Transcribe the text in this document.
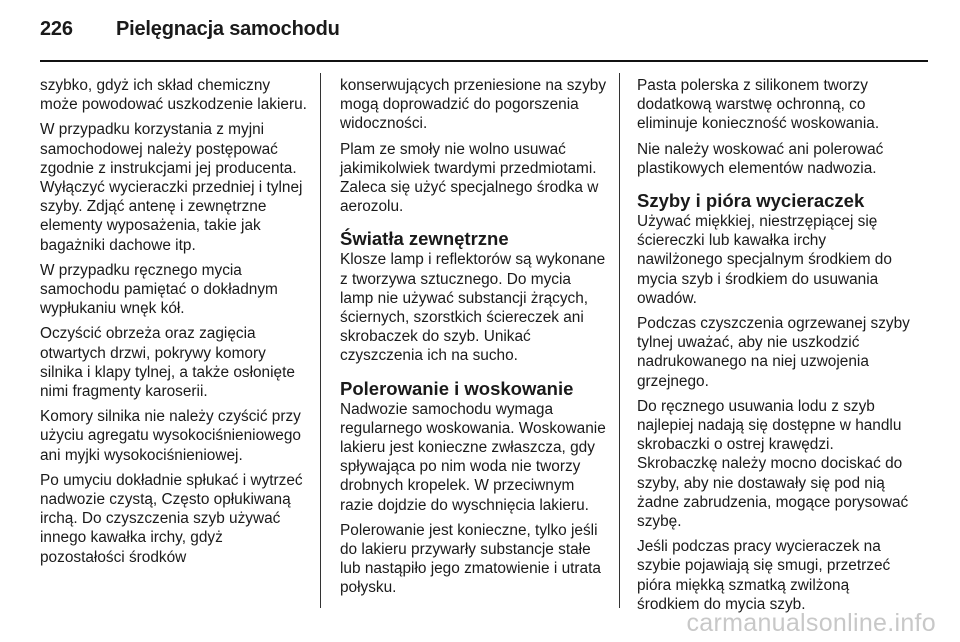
226 Pielęgnacja samochodu

szybko, gdyż ich skład chemiczny może powodować uszkodzenie lakieru.

W przypadku korzystania z myjni samochodowej należy postępować zgodnie z instrukcjami jej producenta. Wyłączyć wycieraczki przedniej i tylnej szyby. Zdjąć antenę i zewnętrzne elementy wyposażenia, takie jak bagażniki dachowe itp.

W przypadku ręcznego mycia samochodu pamiętać o dokładnym wypłukaniu wnęk kół.

Oczyścić obrzeża oraz zagięcia otwartych drzwi, pokrywy komory silnika i klapy tylnej, a także osłonięte nimi fragmenty karoserii.

Komory silnika nie należy czyścić przy użyciu agregatu wysokociśnieniowego ani myjki wysokociśnieniowej.

Po umyciu dokładnie spłukać i wytrzeć nadwozie czystą, Często opłukiwaną irchą. Do czyszczenia szyb używać innego kawałka irchy, gdyż pozostałości środków

konserwujących przeniesione na szyby mogą doprowadzić do pogorszenia widoczności.

Plam ze smoły nie wolno usuwać jakimikolwiek twardymi przedmiotami. Zaleca się użyć specjalnego środka w aerozolu.

Światła zewnętrzne

Klosze lamp i reflektorów są wykonane z tworzywa sztucznego. Do mycia lamp nie używać substancji żrących, ściernych, szorstkich ściereczek ani skrobaczek do szyb. Unikać czyszczenia ich na sucho.

Polerowanie i woskowanie

Nadwozie samochodu wymaga regularnego woskowania. Woskowanie lakieru jest konieczne zwłaszcza, gdy spływająca po nim woda nie tworzy drobnych kropelek. W przeciwnym razie dojdzie do wyschnięcia lakieru.

Polerowanie jest konieczne, tylko jeśli do lakieru przywarły substancje stałe lub nastąpiło jego zmatowienie i utrata połysku.

Pasta polerska z silikonem tworzy dodatkową warstwę ochronną, co eliminuje konieczność woskowania.

Nie należy woskować ani polerować plastikowych elementów nadwozia.

Szyby i pióra wycieraczek

Używać miękkiej, niestrzępiącej się ściereczki lub kawałka irchy nawilżonego specjalnym środkiem do mycia szyb i środkiem do usuwania owadów.

Podczas czyszczenia ogrzewanej szyby tylnej uważać, aby nie uszkodzić nadrukowanego na niej uzwojenia grzejnego.

Do ręcznego usuwania lodu z szyb najlepiej nadają się dostępne w handlu skrobaczki o ostrej krawędzi. Skrobaczkę należy mocno dociskać do szyby, aby nie dostawały się pod nią żadne zabrudzenia, mogące porysować szybę.

Jeśli podczas pracy wycieraczek na szybie pojawiają się smugi, przetrzeć pióra miękką szmatką zwilżoną środkiem do mycia szyb.

carmanualsonline.info
